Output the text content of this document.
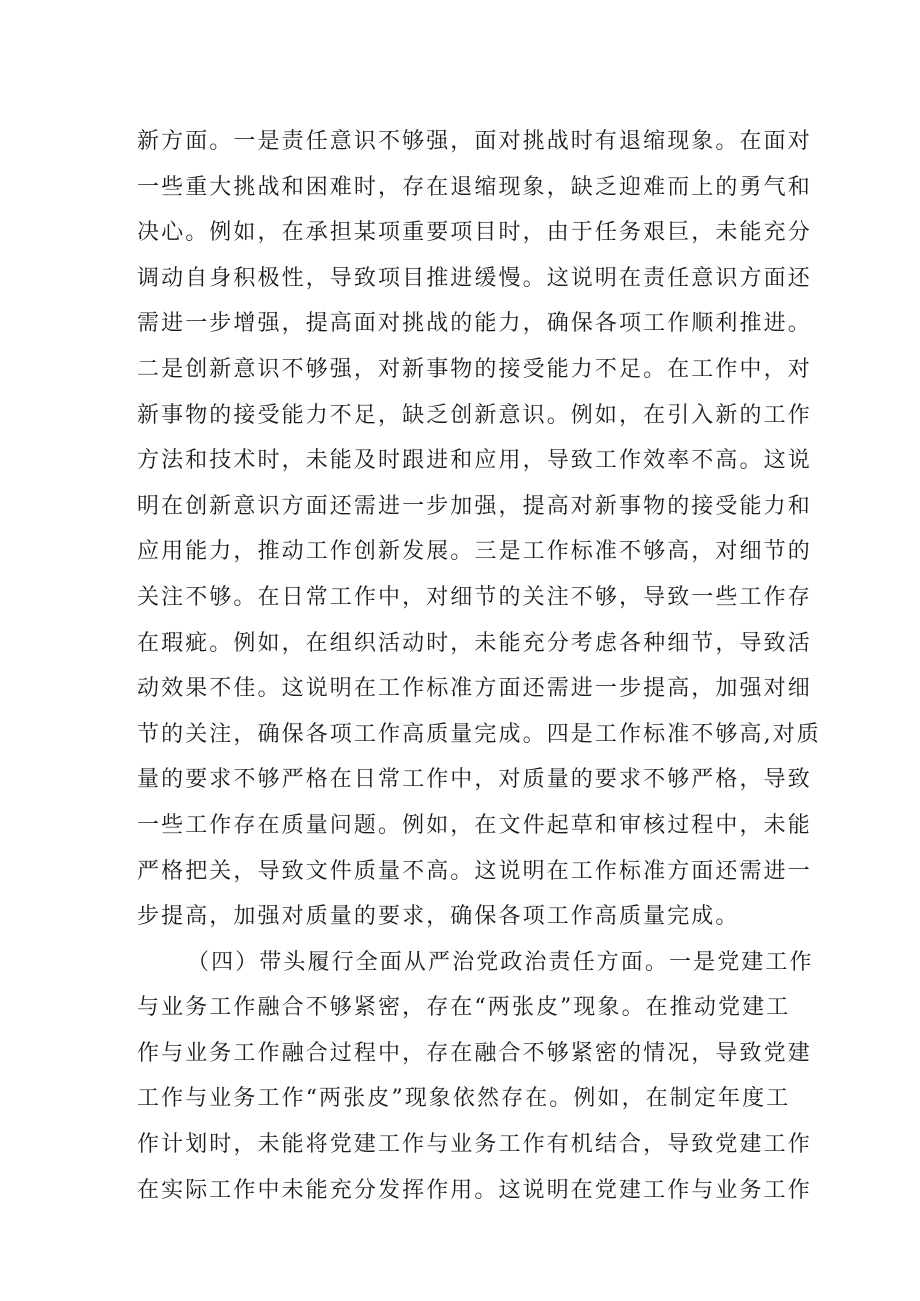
新方面。一是责任意识不够强，面对挑战时有退缩现象。在面对
一些重大挑战和困难时，存在退缩现象，缺乏迎难而上的勇气和
决心。例如，在承担某项重要项目时，由于任务艰巨，未能充分
调动自身积极性，导致项目推进缓慢。这说明在责任意识方面还
需进一步增强，提高面对挑战的能力，确保各项工作顺利推进。
二是创新意识不够强，对新事物的接受能力不足。在工作中，对
新事物的接受能力不足，缺乏创新意识。例如，在引入新的工作
方法和技术时，未能及时跟进和应用，导致工作效率不高。这说
明在创新意识方面还需进一步加强，提高对新事物的接受能力和
应用能力，推动工作创新发展。三是工作标准不够高，对细节的
关注不够。在日常工作中，对细节的关注不够，导致一些工作存
在瑕疵。例如，在组织活动时，未能充分考虑各种细节，导致活
动效果不佳。这说明在工作标准方面还需进一步提高，加强对细
节的关注，确保各项工作高质量完成。四是工作标准不够高,对质
量的要求不够严格在日常工作中，对质量的要求不够严格，导致
一些工作存在质量问题。例如，在文件起草和审核过程中，未能
严格把关，导致文件质量不高。这说明在工作标准方面还需进一
步提高，加强对质量的要求，确保各项工作高质量完成。
（四）带头履行全面从严治党政治责任方面。一是党建工作
与业务工作融合不够紧密，存在“两张皮”现象。在推动党建工
作与业务工作融合过程中，存在融合不够紧密的情况，导致党建
工作与业务工作“两张皮”现象依然存在。例如，在制定年度工
作计划时，未能将党建工作与业务工作有机结合，导致党建工作
在实际工作中未能充分发挥作用。这说明在党建工作与业务工作
